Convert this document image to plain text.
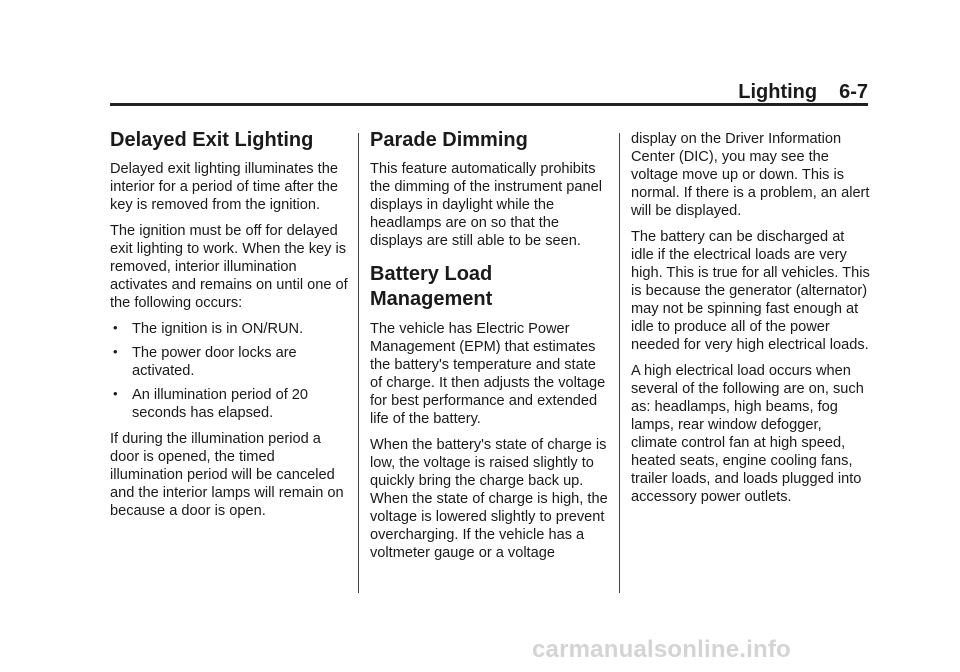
Lighting 6-7
Delayed Exit Lighting

Delayed exit lighting illuminates the interior for a period of time after the key is removed from the ignition.

The ignition must be off for delayed exit lighting to work. When the key is removed, interior illumination activates and remains on until one of the following occurs:

• The ignition is in ON/RUN.
• The power door locks are activated.
• An illumination period of 20 seconds has elapsed.

If during the illumination period a door is opened, the timed illumination period will be canceled and the interior lamps will remain on because a door is open.

Parade Dimming

This feature automatically prohibits the dimming of the instrument panel displays in daylight while the headlamps are on so that the displays are still able to be seen.

Battery Load
Management

The vehicle has Electric Power Management (EPM) that estimates the battery's temperature and state of charge. It then adjusts the voltage for best performance and extended life of the battery.

When the battery's state of charge is low, the voltage is raised slightly to quickly bring the charge back up. When the state of charge is high, the voltage is lowered slightly to prevent overcharging. If the vehicle has a voltmeter gauge or a voltage

display on the Driver Information Center (DIC), you may see the voltage move up or down. This is normal. If there is a problem, an alert will be displayed.

The battery can be discharged at idle if the electrical loads are very high. This is true for all vehicles. This is because the generator (alternator) may not be spinning fast enough at idle to produce all of the power needed for very high electrical loads.

A high electrical load occurs when several of the following are on, such as: headlamps, high beams, fog lamps, rear window defogger, climate control fan at high speed, heated seats, engine cooling fans, trailer loads, and loads plugged into accessory power outlets.

carmanualsonline.info
